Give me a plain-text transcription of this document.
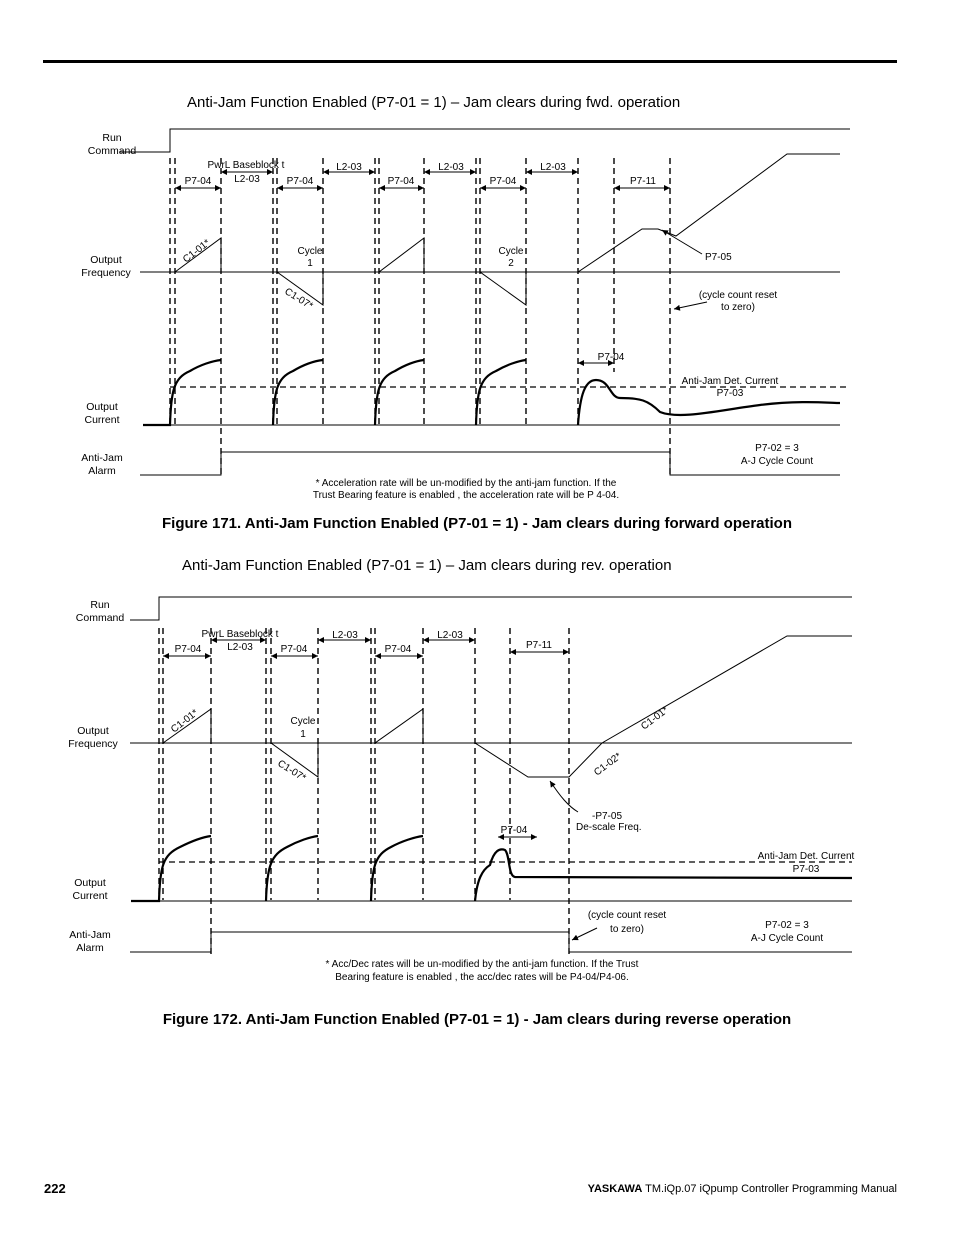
Anti-Jam Function Enabled (P7-01 = 1) – Jam clears during fwd. operation
Run
Command
Output
Frequency
Output
Current
Anti-Jam
Alarm
PwrL Baseblock t
L2-03
P7-04	P7-04	P7-04	P7-04
L2-03	L2-03	L2-03
P7-11
P7-04
C1-01*
C1-07*
Cycle
1
Cycle
2
P7-05
(cycle count reset
to zero)
Anti-Jam Det. Current
P7-03
P7-02 = 3
A-J Cycle Count
* Acceleration rate will be un-modified by the anti-jam function. If the
Trust Bearing feature is enabled , the acceleration rate will be P 4-04.
Figure 171. Anti-Jam Function Enabled (P7-01 = 1) - Jam clears during forward operation
Anti-Jam Function Enabled (P7-01 = 1) – Jam clears during rev. operation
Run
Command
Output
Frequency
Output
Current
Anti-Jam
Alarm
PwrL Baseblock t
L2-03
P7-04	P7-04	P7-04
L2-03	L2-03
P7-11
P7-04
C1-01*
C1-07*
Cycle
1
C1-01*
C1-02*
-P7-05
De-scale Freq.
Anti-Jam Det. Current
P7-03
(cycle count reset
to zero)	P7-02 = 3
A-J Cycle Count
* Acc/Dec rates will be un-modified by the anti-jam function. If the Trust
Bearing feature is enabled , the acc/dec rates will be P4-04/P4-06.
Figure 172. Anti-Jam Function Enabled (P7-01 = 1) - Jam clears during reverse operation
222	YASKAWA TM.iQp.07 iQpump Controller Programming Manual
